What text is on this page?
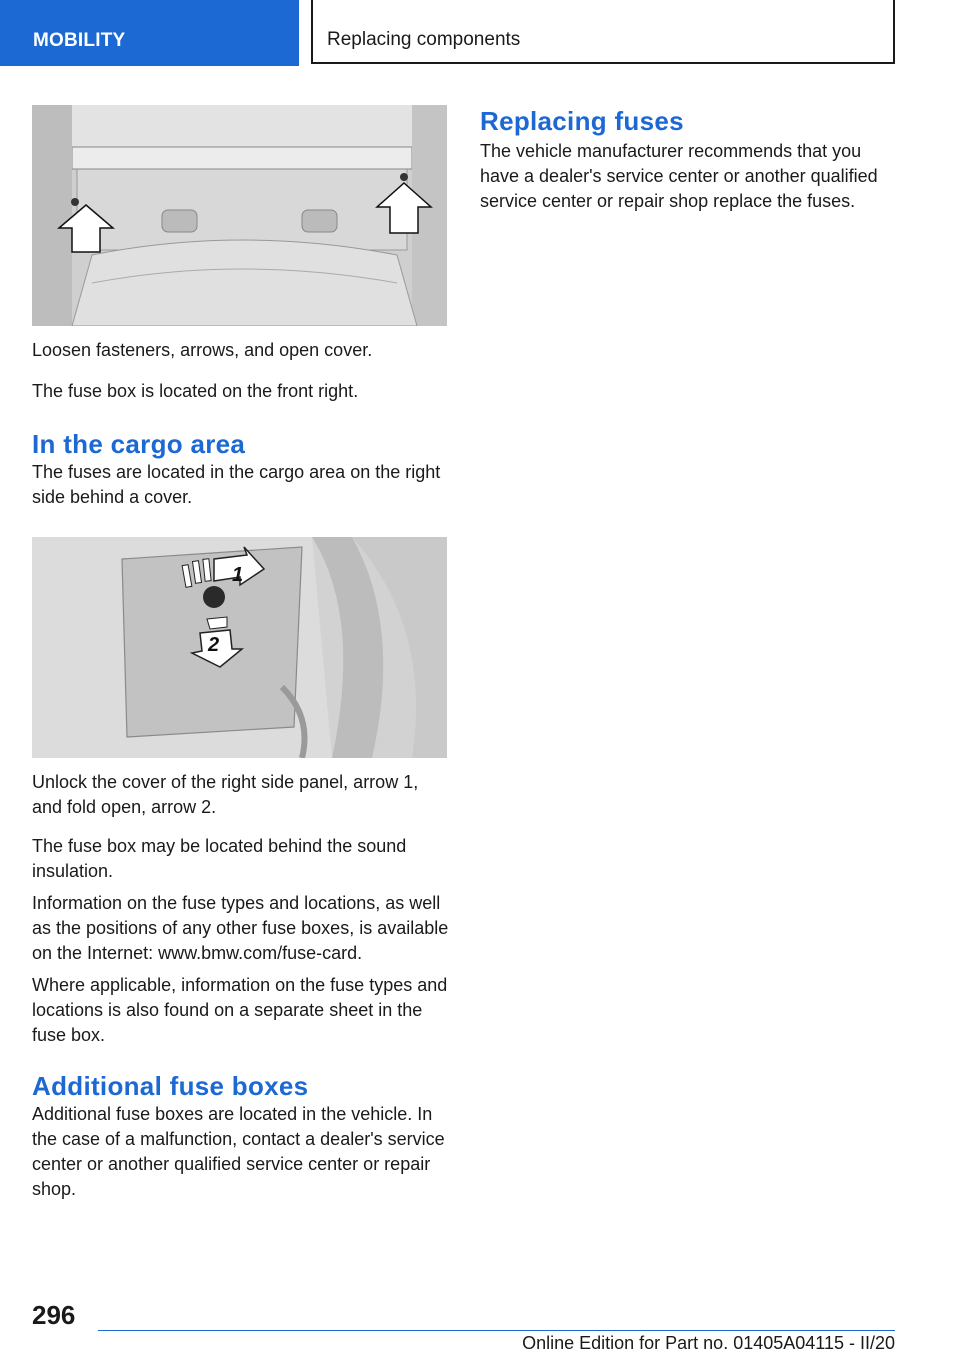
MOBILITY	Replacing components

Loosen fasteners, arrows, and open cover.

The fuse box is located on the front right.

In the cargo area

The fuses are located in the cargo area on the right side behind a cover.

1
2

Unlock the cover of the right side panel, arrow 1, and fold open, arrow 2.

The fuse box may be located behind the sound insulation.

Information on the fuse types and locations, as well as the positions of any other fuse boxes, is available on the Internet: www.bmw.com/fuse-card.

Where applicable, information on the fuse types and locations is also found on a separate sheet in the fuse box.

Additional fuse boxes

Additional fuse boxes are located in the vehicle. In the case of a malfunction, contact a dealer's service center or another qualified service center or repair shop.

Replacing fuses

The vehicle manufacturer recommends that you have a dealer's service center or another qualified service center or repair shop replace the fuses.

296
Online Edition for Part no. 01405A04115 - II/20
